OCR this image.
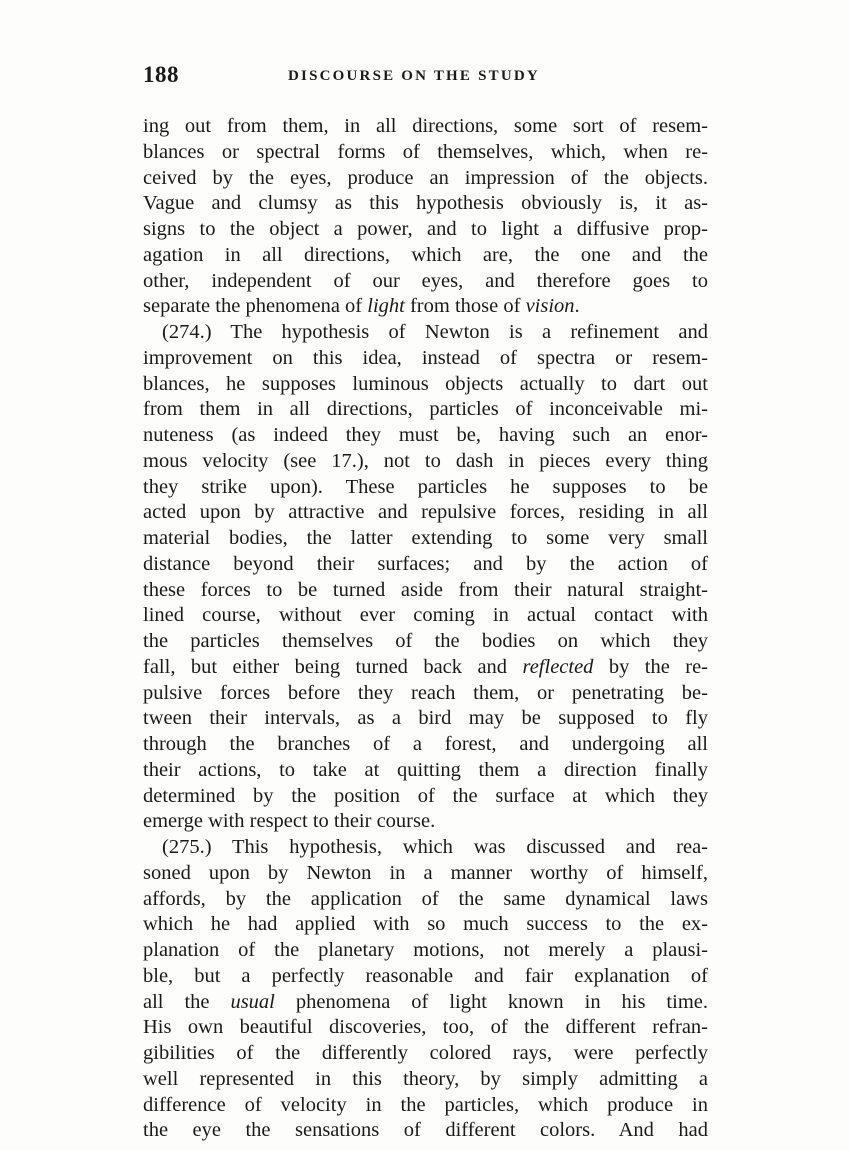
188	DISCOURSE ON THE STUDY
ing out from them, in all directions, some sort of resem-
blances or spectral forms of themselves, which, when re-
ceived by the eyes, produce an impression of the objects.
Vague and clumsy as this hypothesis obviously is, it as-
signs to the object a power, and to light a diffusive prop-
agation in all directions, which are, the one and the
other, independent of our eyes, and therefore goes to
separate the phenomena of light from those of vision.
(274.) The hypothesis of Newton is a refinement and
improvement on this idea, instead of spectra or resem-
blances, he supposes luminous objects actually to dart out
from them in all directions, particles of inconceivable mi-
nuteness (as indeed they must be, having such an enor-
mous velocity (see 17.), not to dash in pieces every thing
they strike upon). These particles he supposes to be
acted upon by attractive and repulsive forces, residing in all
material bodies, the latter extending to some very small
distance beyond their surfaces; and by the action of
these forces to be turned aside from their natural straight-
lined course, without ever coming in actual contact with
the particles themselves of the bodies on which they
fall, but either being turned back and reflected by the re-
pulsive forces before they reach them, or penetrating be-
tween their intervals, as a bird may be supposed to fly
through the branches of a forest, and undergoing all
their actions, to take at quitting them a direction finally
determined by the position of the surface at which they
emerge with respect to their course.
(275.) This hypothesis, which was discussed and rea-
soned upon by Newton in a manner worthy of himself,
affords, by the application of the same dynamical laws
which he had applied with so much success to the ex-
planation of the planetary motions, not merely a plausi-
ble, but a perfectly reasonable and fair explanation of
all the usual phenomena of light known in his time.
His own beautiful discoveries, too, of the different refran-
gibilities of the differently colored rays, were perfectly
well represented in this theory, by simply admitting a
difference of velocity in the particles, which produce in
the eye the sensations of different colors. And had
